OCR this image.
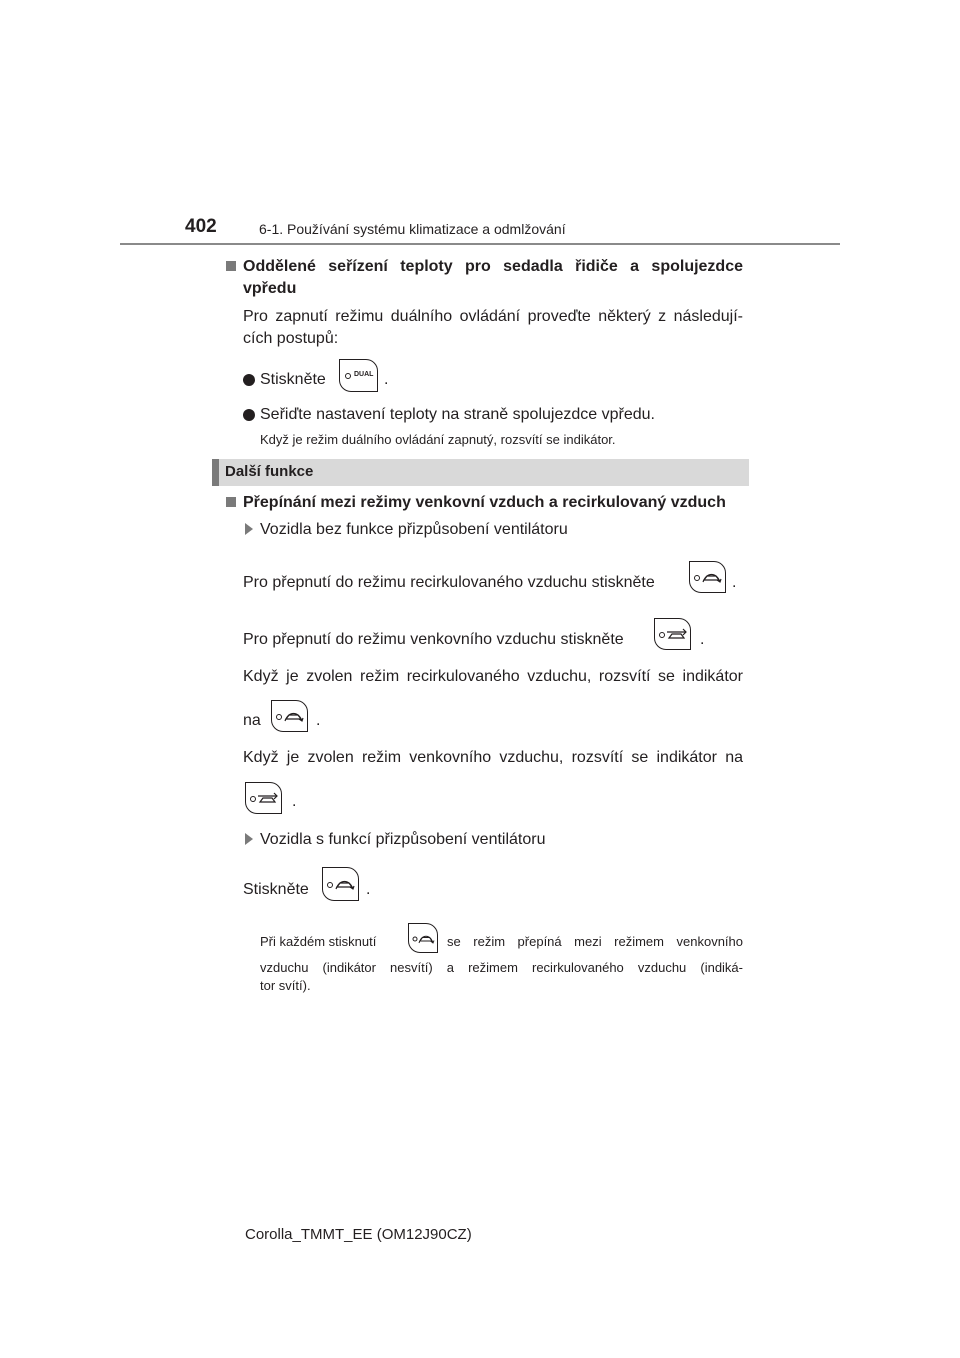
402	6-1. Používání systému klimatizace a odmlžování
Oddělené seřízení teploty pro sedadla řidiče a spolujezdce
vpředu
Pro zapnutí režimu duálního ovládání proveďte některý z následují-
cích postupů:
Stiskněte	DUAL .
Seřiďte nastavení teploty na straně spolujezdce vpředu.
Když je režim duálního ovládání zapnutý, rozsvítí se indikátor.
Další funkce
Přepínání mezi režimy venkovní vzduch a recirkulovaný vzduch
Vozidla bez funkce přizpůsobení ventilátoru
Pro přepnutí do režimu recirkulovaného vzduchu stiskněte	.
Pro přepnutí do režimu venkovního vzduchu stiskněte	.
Když je zvolen režim recirkulovaného vzduchu, rozsvítí se indikátor
na	.
Když je zvolen režim venkovního vzduchu, rozsvítí se indikátor na
.
Vozidla s funkcí přizpůsobení ventilátoru
Stiskněte	.
Při každém stisknutí	se režim přepíná mezi režimem venkovního
vzduchu (indikátor nesvítí) a režimem recirkulovaného vzduchu (indiká-
tor svítí).
Corolla_TMMT_EE (OM12J90CZ)
